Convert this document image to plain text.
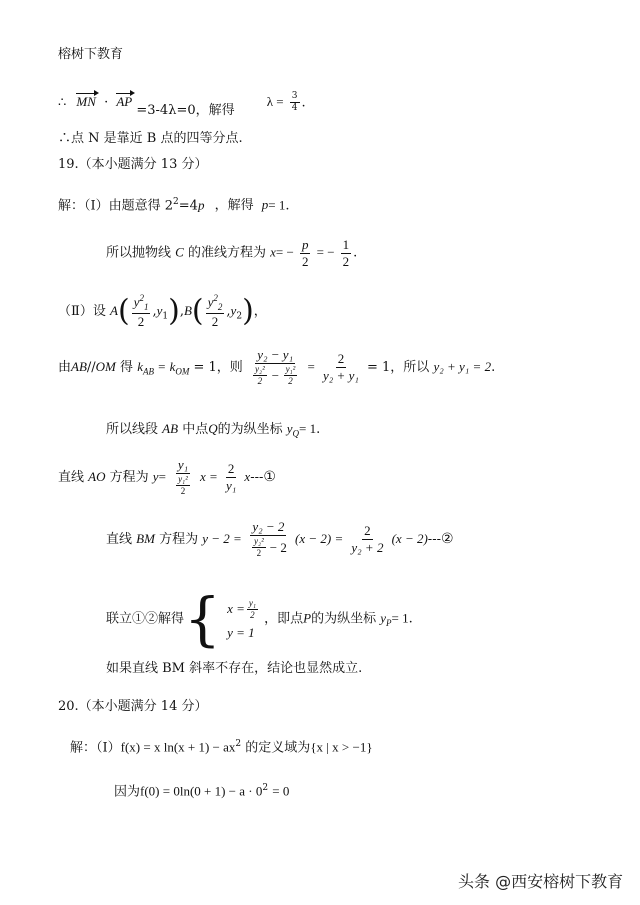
榕树下教育
∴ MN · AP =3-4λ=0，解得 $\lambda = \frac{3}{4}$ .
∴点 N 是靠近 B 点的四等分点.
19.（本小题满分 13 分）
解：（Ⅰ）由题意得 $2^2=4p$ ，解得 p= 1.
所以抛物线 C 的准线方程为 $x= - \frac{p}{2}$ = − $\frac{1}{2}$ .
（Ⅱ）设 $A( \frac{y^2_1}{2} ,y_1),B( \frac{y^2_2}{2} ,y_2)$，
由AB//OM 得 $k_{AB} = k_{OM} = 1$，则 $\frac{\text{y₂ − y₁}}{\frac{\text{y₂²}}{2} - \frac{\text{y₁²}}{2}} = \frac{2}{\text{y₂ + y₁}} = 1$，所以 y₂ + y₁ = 2.
所以线段 AB 中点Q的为纵坐标 $y_Q= 1$.
直线 AO 方程为 $y= \frac{\text{y₁}}{\frac{\text{y₁²}}{2}}$ $x = \frac{2}{\text{y₁}}$ x---①
直线 BM 方程为 $y - 2 = \frac{\text{y₂ − 2}}{\frac{\text{y₂²}}{2} - 2} (x - 2) = \frac{2}{\text{y₂ + 2}} (x$ − 2)---②
联立①②解得{ $x = \frac{\text{y₁}}{2}$
y = 1
，即点P的为纵坐标 $y_P= 1$.
如果直线 BM 斜率不存在，结论也显然成立.
20.（本小题满分 14 分）
解：（Ⅰ）f(x) = x $\ln(x + 1) - ax^2$ 的定义域为{x | x > −1}
因为$f(0) = 0\ln(0 + 1) - a \cdot 0^2 = 0$
头条 @西安榕树下教育
